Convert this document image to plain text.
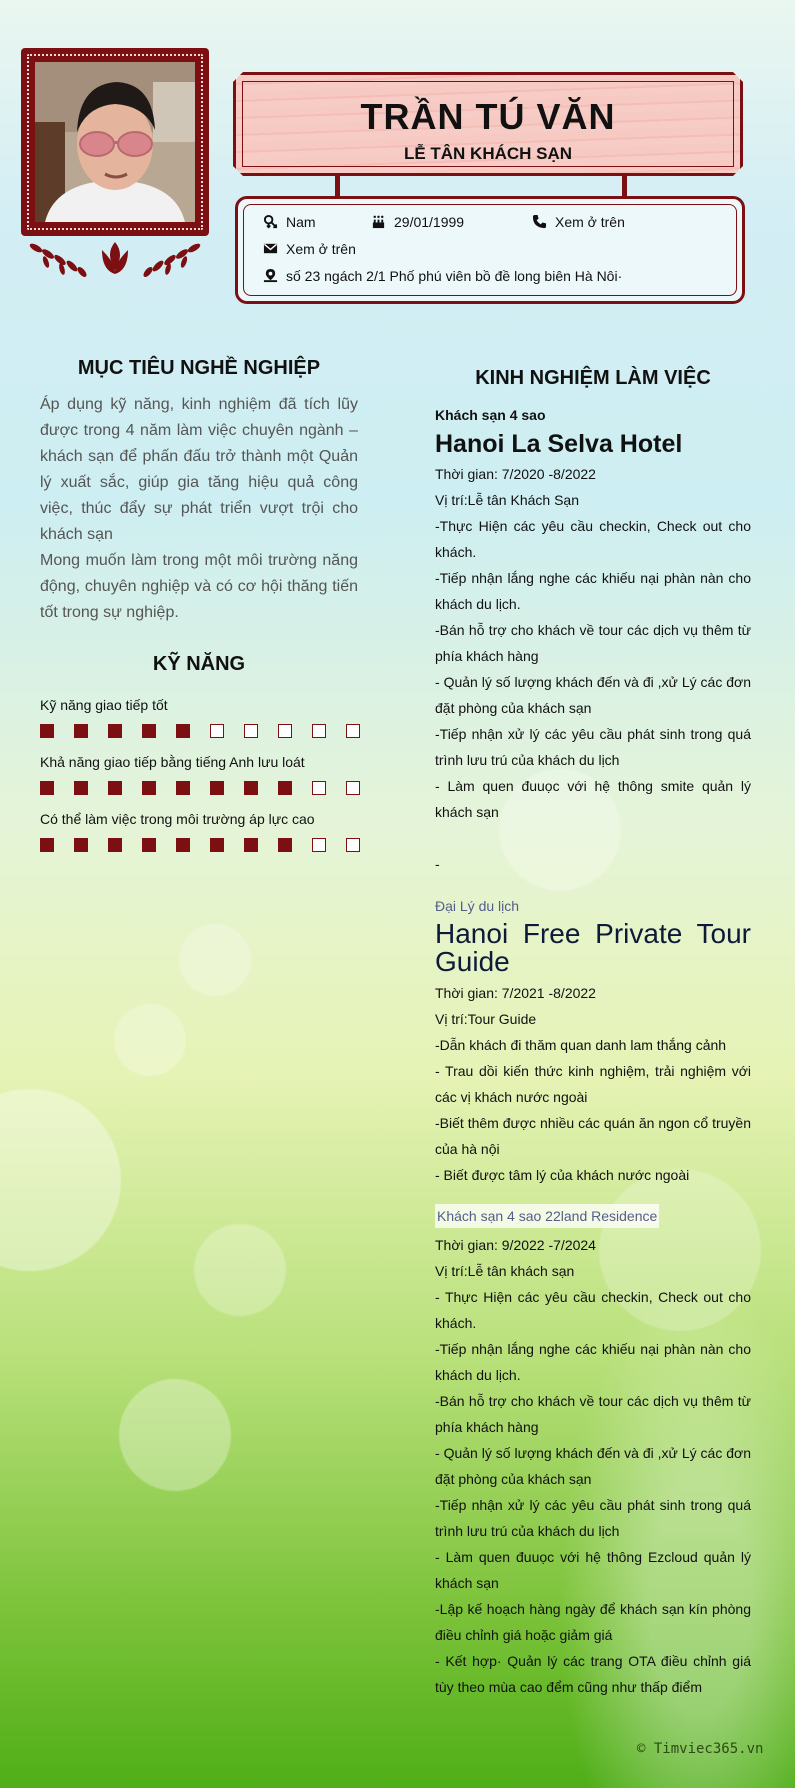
TRẦN TÚ VĂN
LỄ TÂN KHÁCH SẠN
Nam	29/01/1999	Xem ở trên
Xem ở trên
số 23 ngách 2/1 Phố phú viên bồ đề long biên Hà Nôi·
MỤC TIÊU NGHỀ NGHIỆP

Áp dụng kỹ năng, kinh nghiệm đã tích lũy được trong 4 năm làm việc chuyên ngành – khách sạn để phấn đấu trở thành một Quản lý xuất sắc, giúp gia tăng hiệu quả công việc, thúc đẩy sự phát triển vượt trội cho khách sạn

Mong muốn làm trong một môi trường năng động, chuyên nghiệp và có cơ hội thăng tiến tốt trong sự nghiệp.

KỸ NĂNG
Kỹ năng giao tiếp tốt
Khả năng giao tiếp bằng tiếng Anh lưu loát
Có thể làm việc trong môi trường áp lực cao
KINH NGHIỆM LÀM VIỆC
Khách sạn 4 sao
Hanoi La Selva Hotel
Thời gian: 7/2020 -8/2022
Vị trí:Lễ tân Khách Sạn
-Thực Hiện các yêu cầu checkin, Check out cho khách.
-Tiếp nhận lắng nghe các khiếu nại phàn nàn cho khách du lịch.
-Bán hỗ trợ cho khách về tour các dịch vụ thêm từ phía khách hàng
- Quản lý số lượng khách đến và đi ,xử Lý các đơn đặt phòng của khách sạn
-Tiếp nhận xử lý các yêu cầu phát sinh trong quá trình lưu trú của khách du lịch
- Làm quen đuuọc với hệ thông smite quản lý khách sạn

-
Đại Lý du lịch
Hanoi Free Private Tour Guide
Thời gian: 7/2021 -8/2022
Vị trí:Tour Guide
-Dẫn khách đi thăm quan danh lam thắng cảnh
- Trau dồi kiến thức kinh nghiệm, trải nghiệm với các vị khách nước ngoài
-Biết thêm được nhiều các quán ăn ngon cổ truyền của hà nội
- Biết được tâm lý của khách nước ngoài
Khách sạn 4 sao 22land Residence
Thời gian: 9/2022 -7/2024
Vị trí:Lễ tân khách sạn
- Thực Hiện các yêu cầu checkin, Check out cho khách.
-Tiếp nhận lắng nghe các khiếu nại phàn nàn cho khách du lịch.
-Bán hỗ trợ cho khách về tour các dịch vụ thêm từ phía khách hàng
- Quản lý số lượng khách đến và đi ,xử Lý các đơn đặt phòng của khách sạn
-Tiếp nhận xử lý các yêu cầu phát sinh trong quá trình lưu trú của khách du lịch
- Làm quen đuuọc với hệ thông Ezcloud quản lý khách sạn
-Lập kế hoạch hàng ngày để khách sạn kín phòng điều chỉnh giá hoặc giảm giá
- Kết hợp· Quản lý các trang OTA điều chỉnh giá tùy theo mùa cao đểm cũng như thấp điểm
© Timviec365.vn
